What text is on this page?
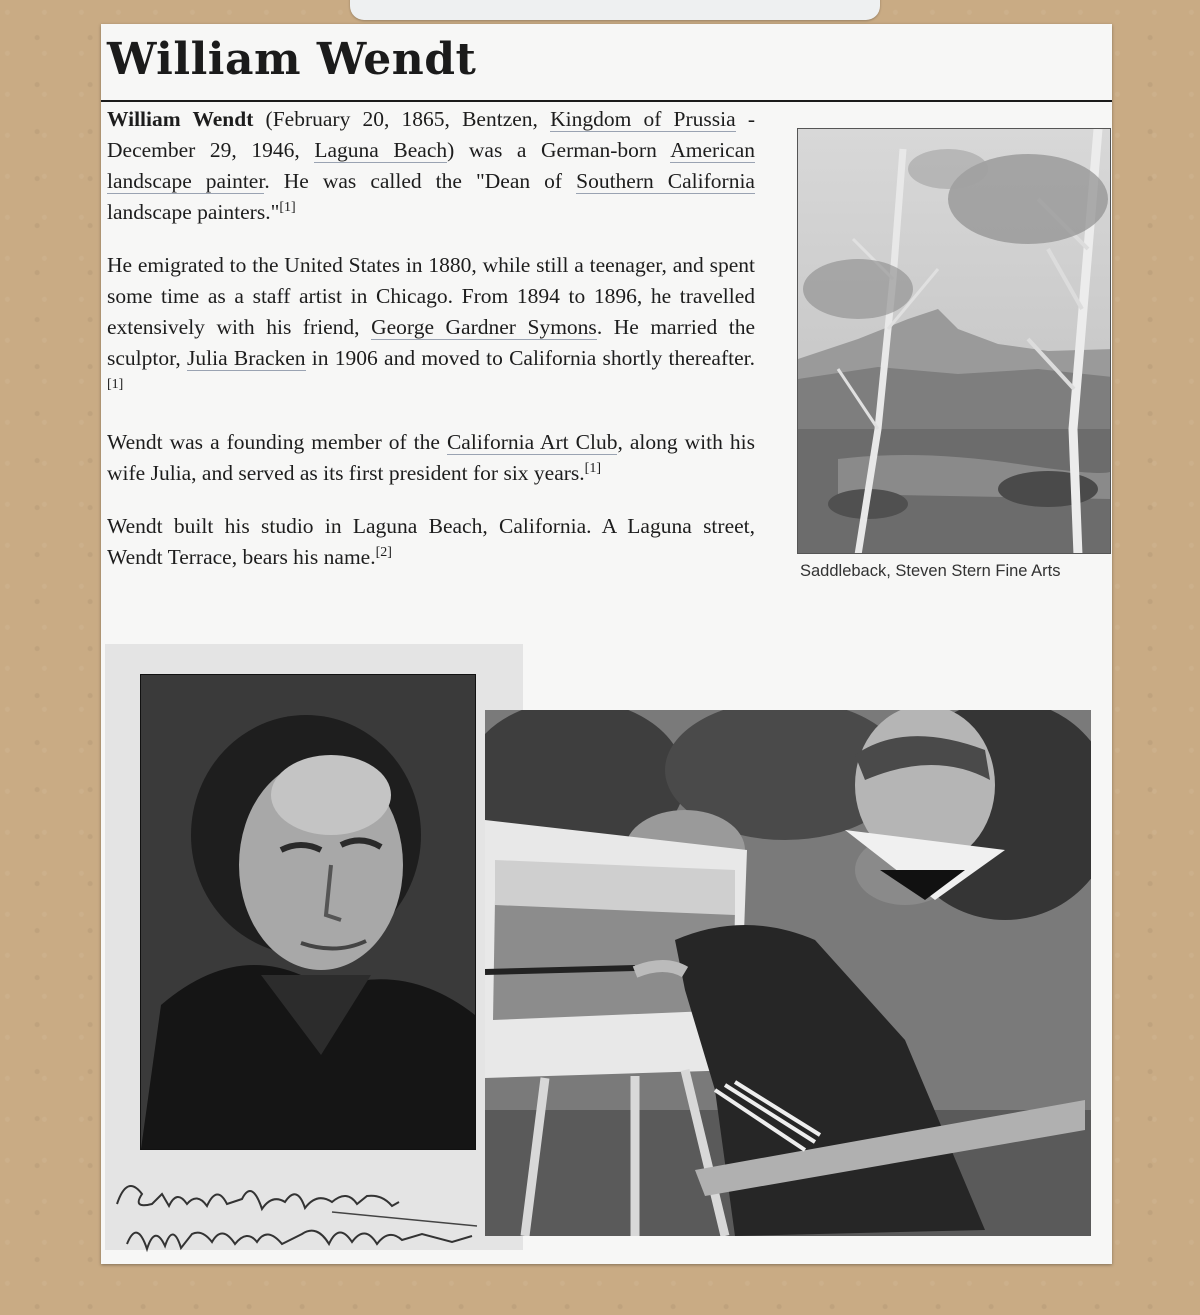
William Wendt

William Wendt (February 20, 1865, Bentzen, Kingdom of Prussia - December 29, 1946, Laguna Beach) was a German-born American landscape painter. He was called the "Dean of Southern California landscape painters."[1]

He emigrated to the United States in 1880, while still a teenager, and spent some time as a staff artist in Chicago. From 1894 to 1896, he travelled extensively with his friend, George Gardner Symons. He married the sculptor, Julia Bracken in 1906 and moved to California shortly thereafter.[1]

Wendt was a founding member of the California Art Club, along with his wife Julia, and served as its first president for six years.[1]

Wendt built his studio in Laguna Beach, California. A Laguna street, Wendt Terrace, bears his name.[2]

Saddleback, Steven Stern Fine Arts
